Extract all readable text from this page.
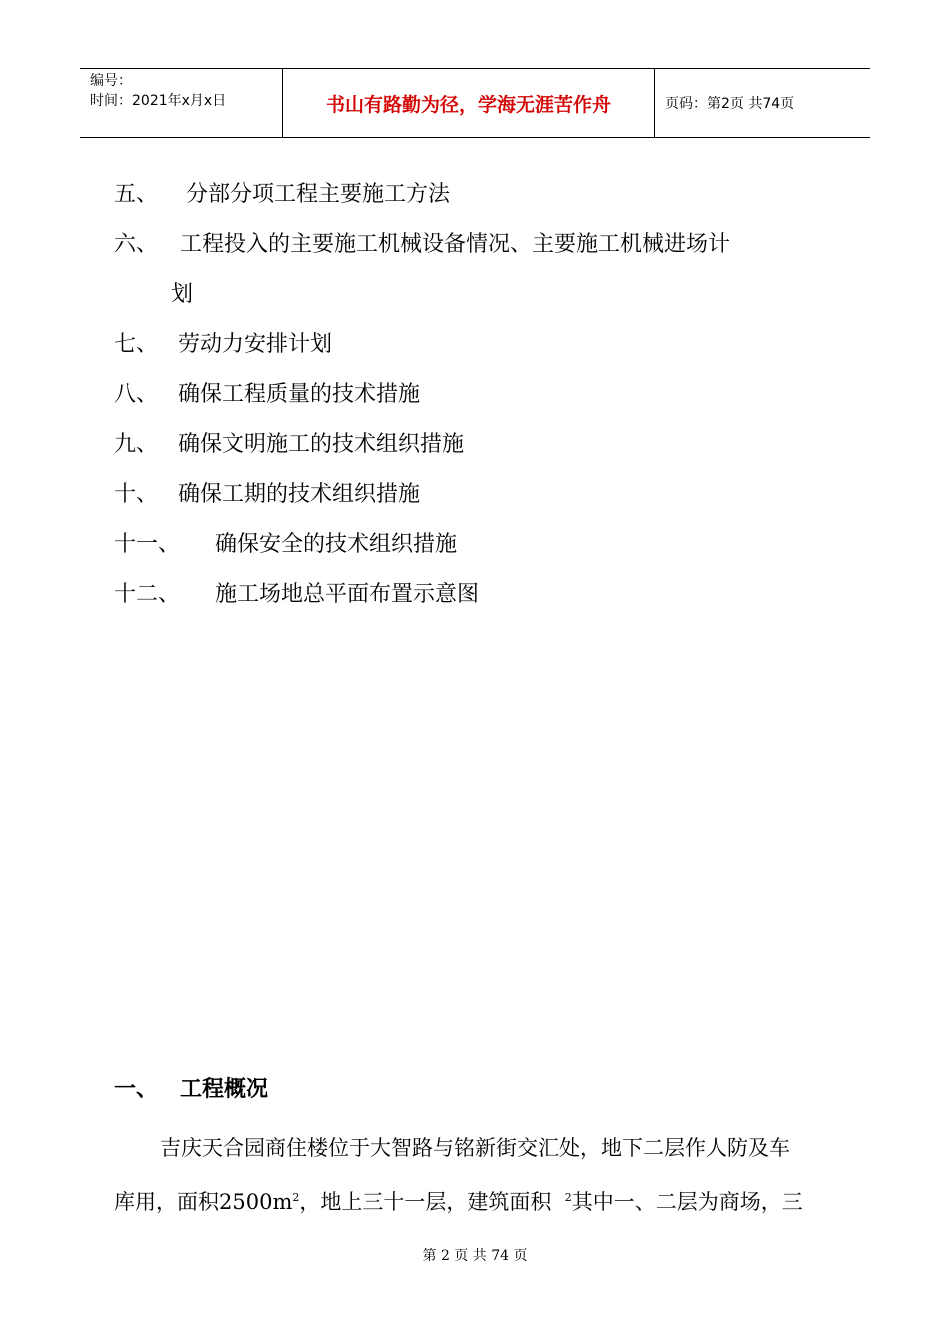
编号：
时间：2021年x月x日	书山有路勤为径，学海无涯苦作舟	页码：第2页 共74页
五、 分部分项工程主要施工方法
六、 工程投入的主要施工机械设备情况、主要施工机械进场计
划
七、 劳动力安排计划
八、 确保工程质量的技术措施
九、 确保文明施工的技术组织措施
十、 确保工期的技术组织措施
十一、 确保安全的技术组织措施
十二、 施工场地总平面布置示意图
一、 工程概况
吉庆天合园商住楼位于大智路与铭新街交汇处，地下二层作人防及车
库用，面积$2500m^2$，地上三十一层，建筑面积 $^2$其中一、二层为商场，三
第 2 页 共 74 页
